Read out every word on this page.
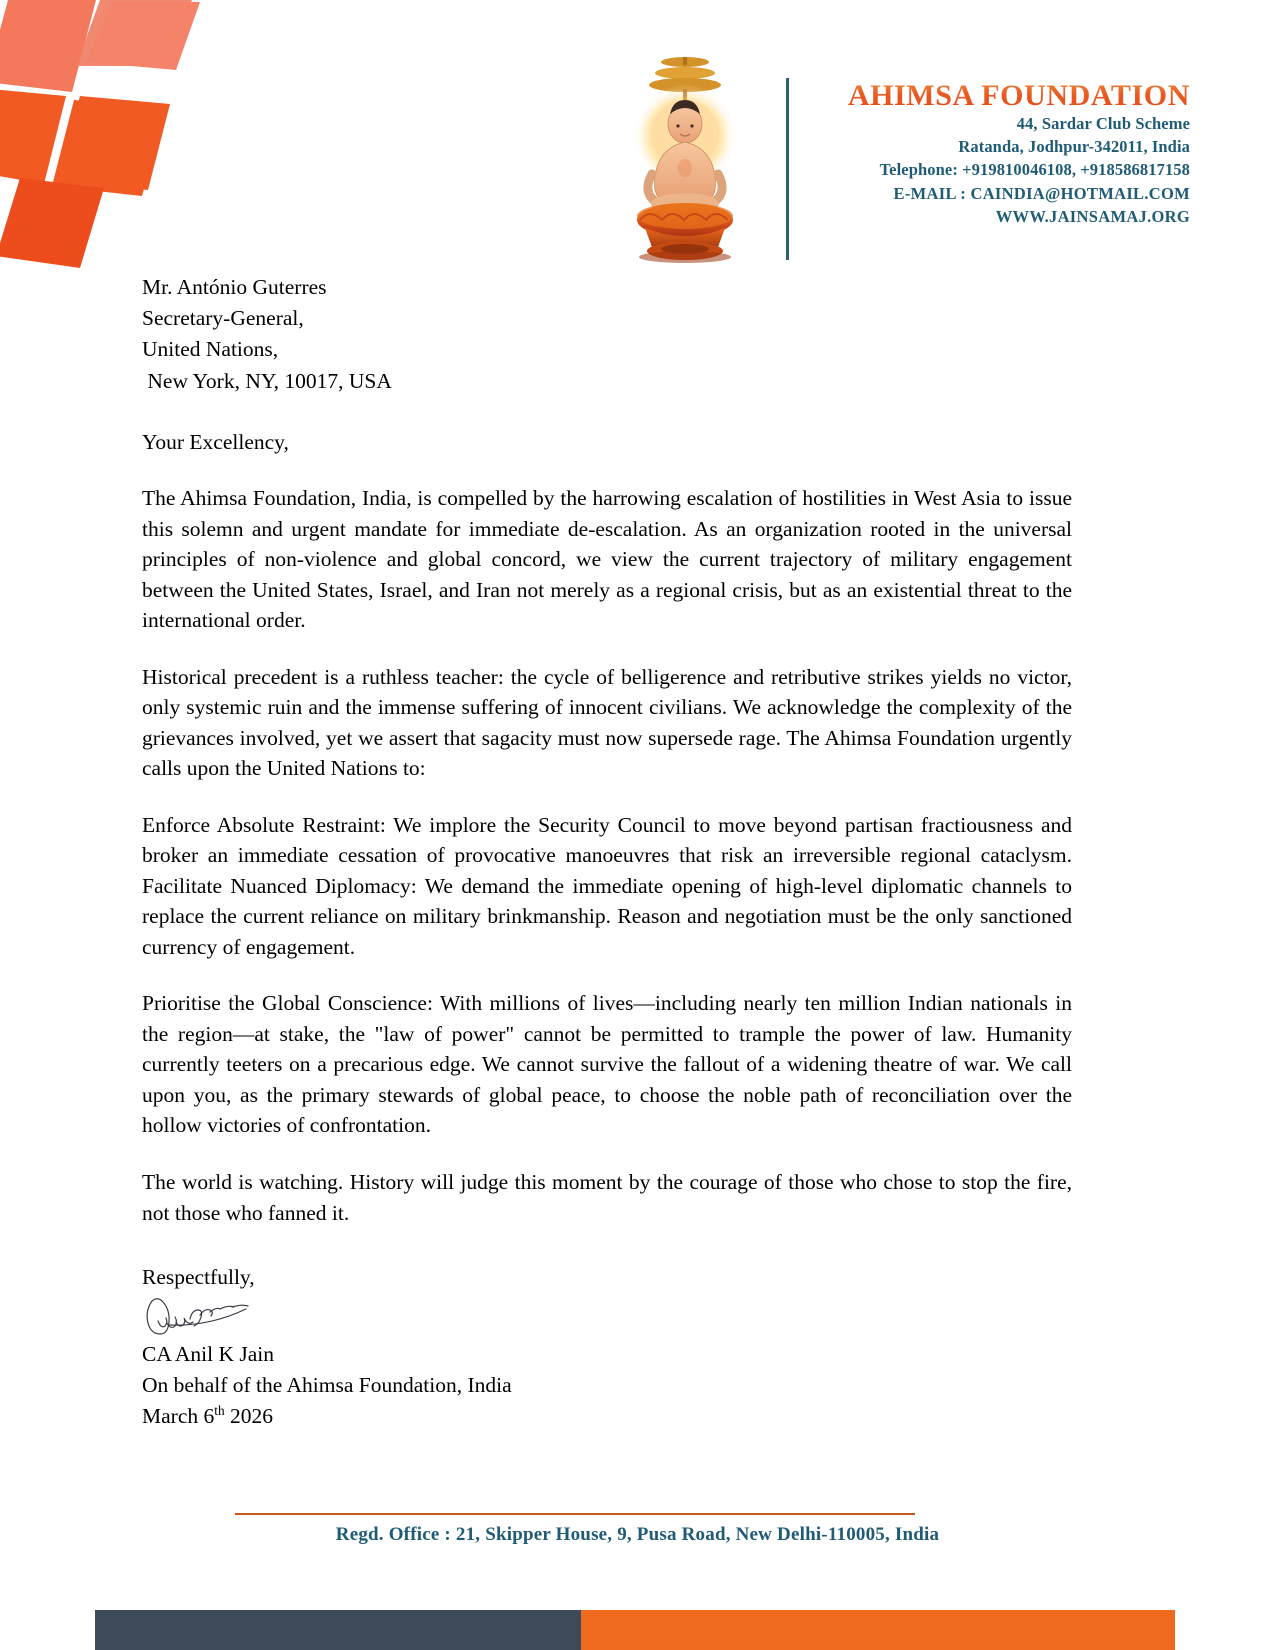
AHIMSA FOUNDATION
44, Sardar Club Scheme
Ratanda, Jodhpur-342011, India
Telephone: +919810046108, +918586817158
E-MAIL : CAINDIA@HOTMAIL.COM
WWW.JAINSAMAJ.ORG
Mr. António Guterres
Secretary-General,
United Nations,
New York, NY, 10017, USA
Your Excellency,
The Ahimsa Foundation, India, is compelled by the harrowing escalation of hostilities in West Asia to issue this solemn and urgent mandate for immediate de-escalation. As an organization rooted in the universal principles of non-violence and global concord, we view the current trajectory of military engagement between the United States, Israel, and Iran not merely as a regional crisis, but as an existential threat to the international order.
Historical precedent is a ruthless teacher: the cycle of belligerence and retributive strikes yields no victor, only systemic ruin and the immense suffering of innocent civilians. We acknowledge the complexity of the grievances involved, yet we assert that sagacity must now supersede rage. The Ahimsa Foundation urgently calls upon the United Nations to:
Enforce Absolute Restraint: We implore the Security Council to move beyond partisan fractiousness and broker an immediate cessation of provocative manoeuvres that risk an irreversible regional cataclysm. Facilitate Nuanced Diplomacy: We demand the immediate opening of high-level diplomatic channels to replace the current reliance on military brinkmanship. Reason and negotiation must be the only sanctioned currency of engagement.
Prioritise the Global Conscience: With millions of lives—including nearly ten million Indian nationals in the region—at stake, the "law of power" cannot be permitted to trample the power of law. Humanity currently teeters on a precarious edge. We cannot survive the fallout of a widening theatre of war. We call upon you, as the primary stewards of global peace, to choose the noble path of reconciliation over the hollow victories of confrontation.
The world is watching. History will judge this moment by the courage of those who chose to stop the fire, not those who fanned it.
Respectfully,
CA Anil K Jain
On behalf of the Ahimsa Foundation, India
March 6th 2026
Regd. Office : 21, Skipper House, 9, Pusa Road, New Delhi-110005, India
